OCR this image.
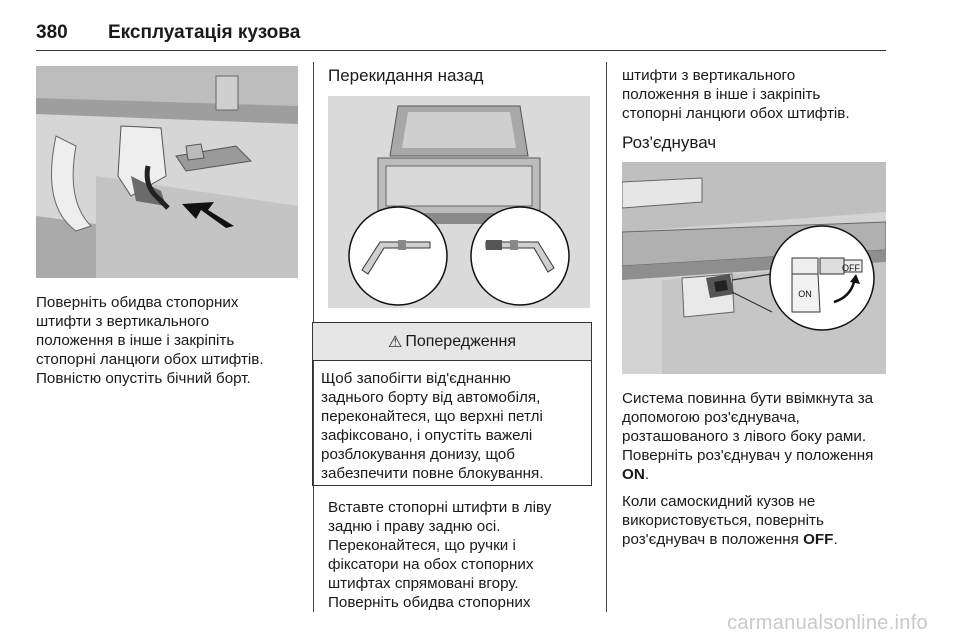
380 Експлуатація кузова

Поверніть обидва стопорних
штифти з вертикального
положення в інше і закріпіть
стопорні ланцюги обох штифтів.
Повністю опустіть бічний борт.

Перекидання назад
⚠ Попередження
Щоб запобігти від'єднанню
заднього борту від автомобіля,
переконайтеся, що верхні петлі
зафіксовано, і опустіть важелі
розблокування донизу, щоб
забезпечити повне блокування.

Вставте стопорні штифти в ліву
задню і праву задню осі.
Переконайтеся, що ручки і
фіксатори на обох стопорних
штифтах спрямовані вгору.
Поверніть обидва стопорних

штифти з вертикального
положення в інше і закріпіть
стопорні ланцюги обох штифтів.

Роз'єднувач
OFF
ON

Система повинна бути ввімкнута за
допомогою роз'єднувача,
розташованого з лівого боку рами.
Поверніть роз'єднувач у положення
ON.

Коли самоскидний кузов не
використовується, поверніть
роз'єднувач в положення OFF.

carmanualsonline.info
